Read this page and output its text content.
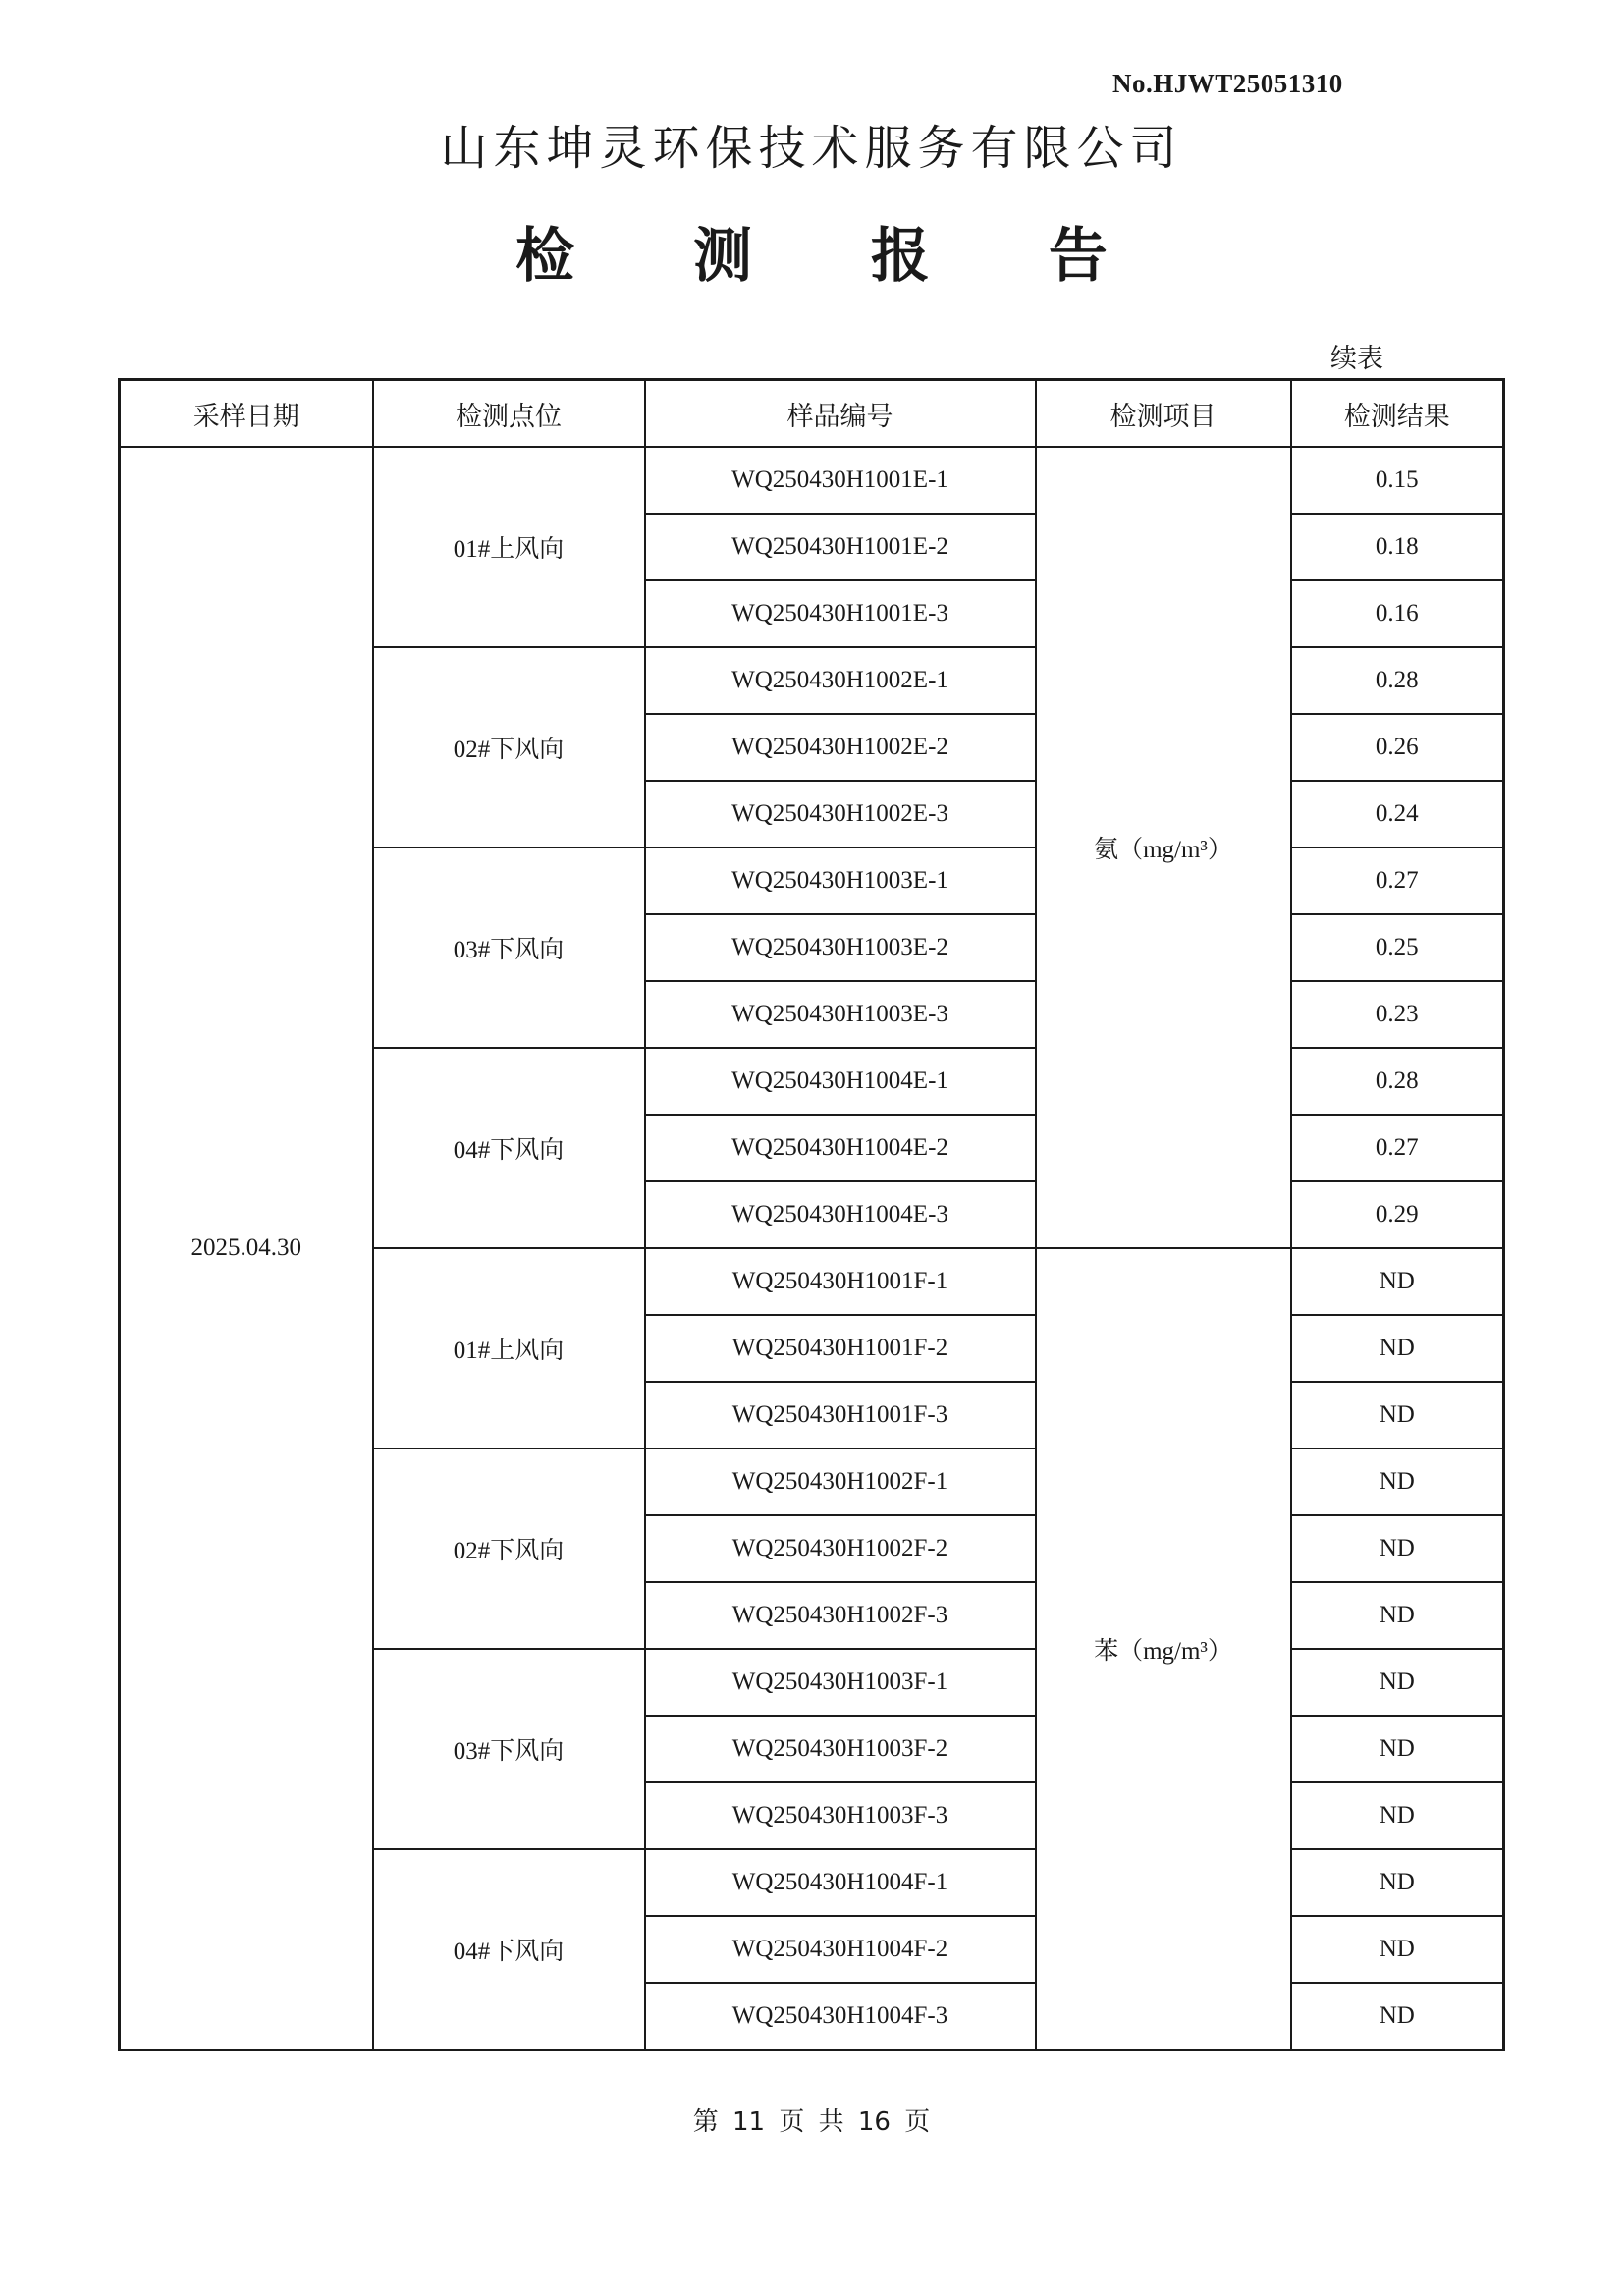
No.HJWT25051310
山东坤灵环保技术服务有限公司
检 测 报 告
续表
采样日期	检测点位	样品编号	检测项目	检测结果
2025.04.30	01#上风向	WQ250430H1001E-1	氨（mg/m³）	0.15
		WQ250430H1001E-2		0.18
		WQ250430H1001E-3		0.16
	02#下风向	WQ250430H1002E-1		0.28
		WQ250430H1002E-2		0.26
		WQ250430H1002E-3		0.24
	03#下风向	WQ250430H1003E-1		0.27
		WQ250430H1003E-2		0.25
		WQ250430H1003E-3		0.23
	04#下风向	WQ250430H1004E-1		0.28
		WQ250430H1004E-2		0.27
		WQ250430H1004E-3		0.29
	01#上风向	WQ250430H1001F-1	苯（mg/m³）	ND
		WQ250430H1001F-2		ND
		WQ250430H1001F-3		ND
	02#下风向	WQ250430H1002F-1		ND
		WQ250430H1002F-2		ND
		WQ250430H1002F-3		ND
	03#下风向	WQ250430H1003F-1		ND
		WQ250430H1003F-2		ND
		WQ250430H1003F-3		ND
	04#下风向	WQ250430H1004F-1		ND
		WQ250430H1004F-2		ND
		WQ250430H1004F-3		ND
第 11 页 共 16 页
